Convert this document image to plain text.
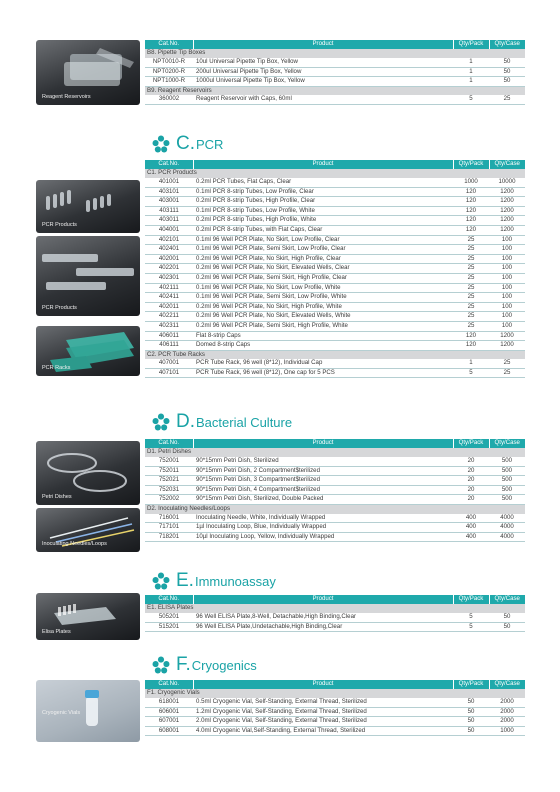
Reagent Reservoirs
Cat.No.	Product	Qty/Pack	Qty/Case
B8. Pipette Tip Boxes			
NPT0010-R	10ul Universal Pipette Tip Box, Yellow	1	50
NPT0200-R	200ul Universal Pipette Tip Box, Yellow	1	50
NPT1000-R	1000ul Universal Pipette Tip Box, Yellow	1	50
B9. Reagent Reservoirs			
360002	Reagent Reservoir with Caps, 60ml	5	25
C. PCR
PCR Products
PCR Products
PCR Racks
Cat.No.	Product	Qty/Pack	Qty/Case
C1. PCR Products			
401001	0.2ml PCR Tubes, Flat Caps, Clear	1000	10000
403101	0.1ml PCR 8-strip Tubes, Low Profile, Clear	120	1200
403001	0.2ml PCR 8-strip Tubes, High Profile, Clear	120	1200
403111	0.1ml PCR 8-strip Tubes, Low Profile, White	120	1200
403011	0.2ml PCR 8-strip Tubes, High Profile, White	120	1200
404001	0.2ml PCR 8-strip Tubes, with Flat Caps, Clear	120	1200
402101	0.1ml 96 Well PCR Plate, No Skirt, Low Profile, Clear	25	100
402401	0.1ml 96 Well PCR Plate, Semi Skirt, Low Profile, Clear	25	100
402001	0.2ml 96 Well PCR Plate, No Skirt, High Profile, Clear	25	100
402201	0.2ml 96 Well PCR Plate, No Skirt, Elevated Wells, Clear	25	100
402301	0.2ml 96 Well PCR Plate, Semi Skirt, High Profile, Clear	25	100
402111	0.1ml 96 Well PCR Plate, No Skirt, Low Profile, White	25	100
402411	0.1ml 96 Well PCR Plate, Semi Skirt, Low Profile, White	25	100
402011	0.2ml 96 Well PCR Plate, No Skirt, High Profile, White	25	100
402211	0.2ml 96 Well PCR Plate, No Skirt, Elevated Wells, White	25	100
402311	0.2ml 96 Well PCR Plate, Semi Skirt, High Profile, White	25	100
406011	Flat 8-strip Caps	120	1200
406111	Domed 8-strip Caps	120	1200
C2. PCR Tube Racks			
407001	PCR Tube Rack, 96 well (8*12), Individual Cap	1	25
407101	PCR Tube Rack, 96 well (8*12), One cap for 5 PCS	5	25
D. Bacterial Culture
Petri Dishes
Inoculating Needles/Loops
Cat.No.	Product	Qty/Pack	Qty/Case
D1. Petri Dishes			
752001	90*15mm Petri Dish, Sterilized	20	500
752011	90*15mm Petri Dish, 2 Compartment$terilized	20	500
752021	90*15mm Petri Dish, 3 Compartment$terilized	20	500
752031	90*15mm Petri Dish, 4 Compartment$terilized	20	500
752002	90*15mm Petri Dish, Sterilized, Double Packed	20	500
D2. Inoculating Needles/Loops			
716001	Inoculating Needle, White, Individually Wrapped	400	4000
717101	1µl Inoculating Loop, Blue, Individually Wrapped	400	4000
718201	10µl Inoculating Loop, Yellow, Individually Wrapped	400	4000
E. Immunoassay
Elisa Plates
Cat.No.	Product	Qty/Pack	Qty/Case
E1. ELISA Plates			
505201	96 Well ELISA Plate,8-Well, Detachable,High Binding,Clear	5	50
515201	96 Well ELISA Plate,Undetachable,High Binding,Clear	5	50
F. Cryogenics
Cryogenic Vials
Cat.No.	Product	Qty/Pack	Qty/Case
F1. Cryogenic Vials			
618001	0.5ml Cryogenic Vial, Self-Standing, External Thread, Sterilized	50	2000
606001	1.2ml Cryogenic Vial, Self-Standing, External Thread, Sterilized	50	2000
607001	2.0ml Cryogenic Vial, Self-Standing, External Thread, Sterilized	50	2000
608001	4.0ml Cryogenic Vial,Self-Standing, External Thread, Sterilized	50	1000
